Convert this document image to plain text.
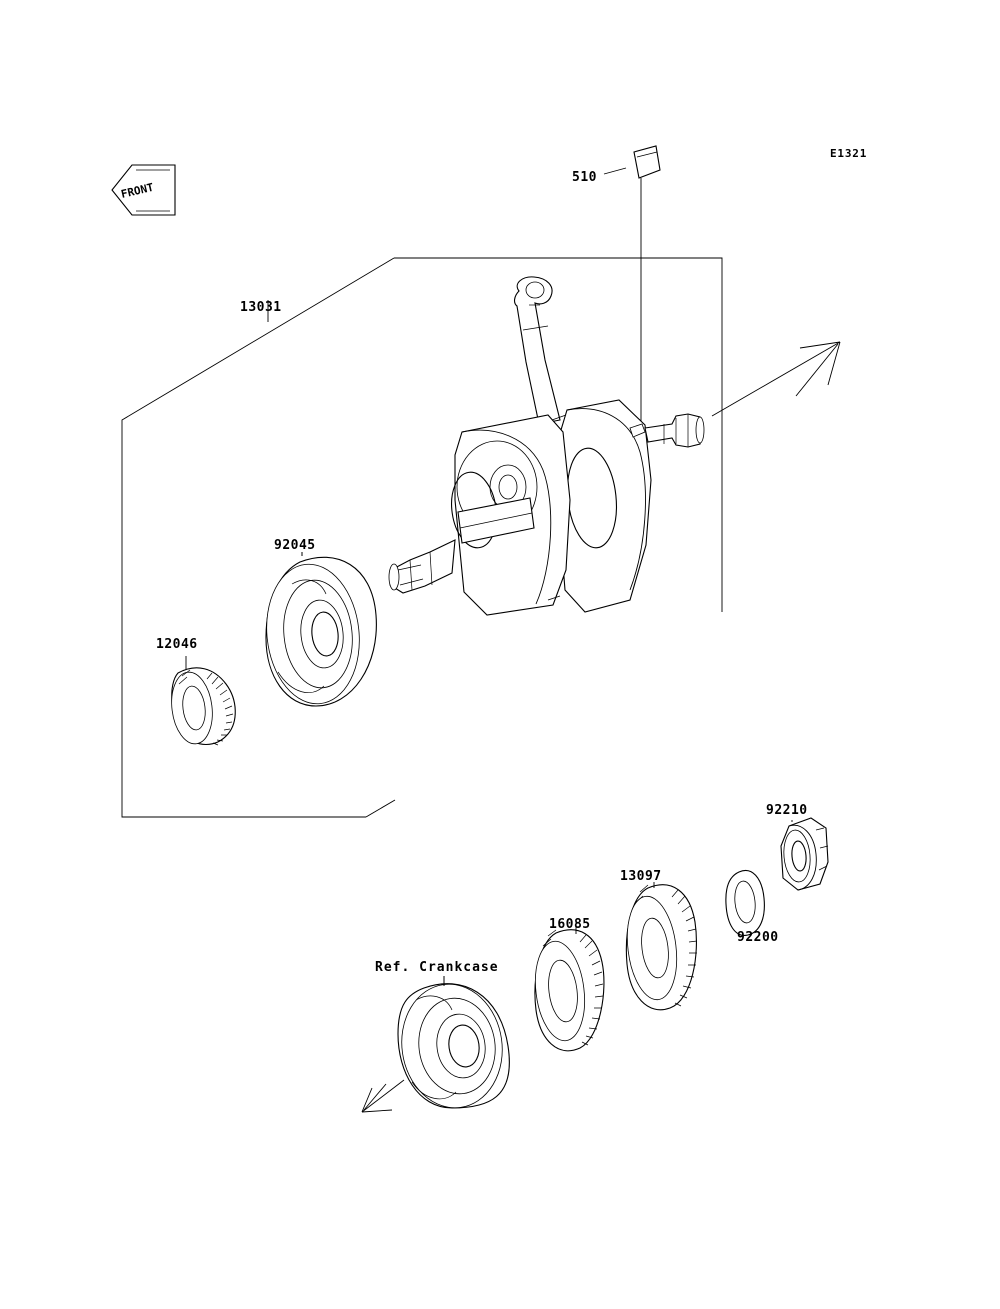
E1321
510
13031
92045
12046
92210
13097
16085
92200
Ref. Crankcase
FRONT
